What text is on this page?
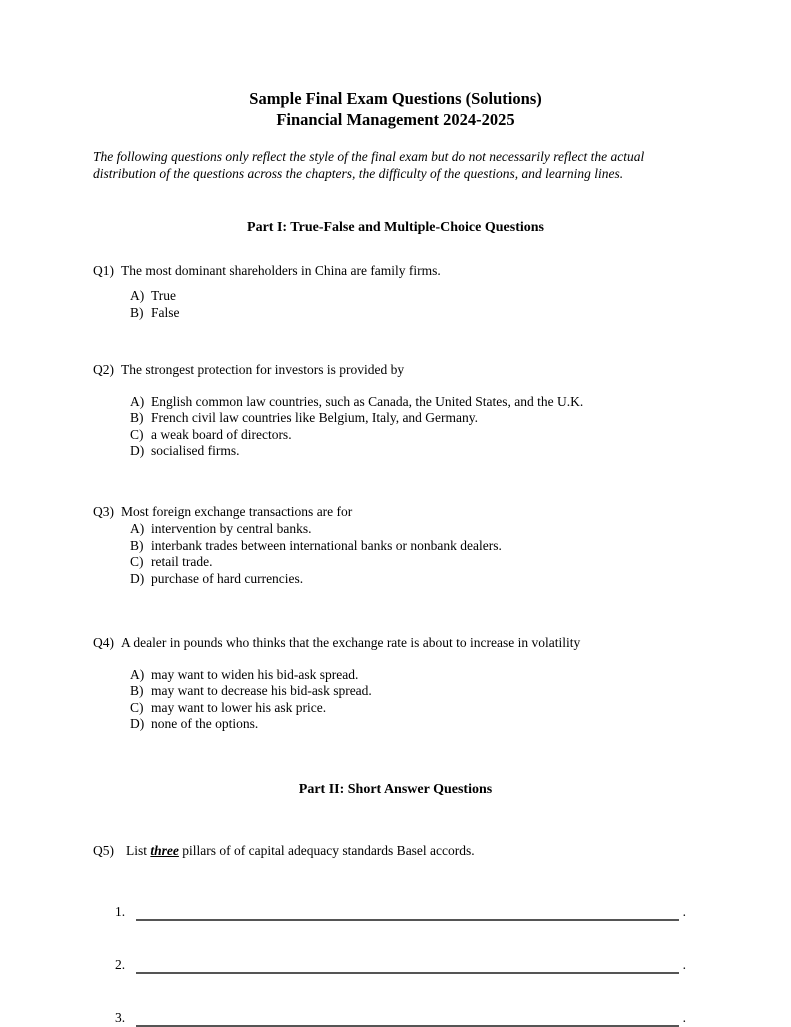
Sample Final Exam Questions (Solutions)
Financial Management 2024-2025
The following questions only reflect the style of the final exam but do not necessarily reflect the actual distribution of the questions across the chapters, the difficulty of the questions, and learning lines.
Part I: True-False and Multiple-Choice Questions
Q1) The most dominant shareholders in China are family firms.
A) True
B) False
Q2) The strongest protection for investors is provided by
A) English common law countries, such as Canada, the United States, and the U.K.
B) French civil law countries like Belgium, Italy, and Germany.
C) a weak board of directors.
D) socialised firms.
Q3) Most foreign exchange transactions are for
A) intervention by central banks.
B) interbank trades between international banks or nonbank dealers.
C) retail trade.
D) purchase of hard currencies.
Q4) A dealer in pounds who thinks that the exchange rate is about to increase in volatility
A) may want to widen his bid-ask spread.
B) may want to decrease his bid-ask spread.
C) may want to lower his ask price.
D) none of the options.
Part II: Short Answer Questions
Q5) List three pillars of of capital adequacy standards Basel accords.
1.	.
2.	.
3.	.
